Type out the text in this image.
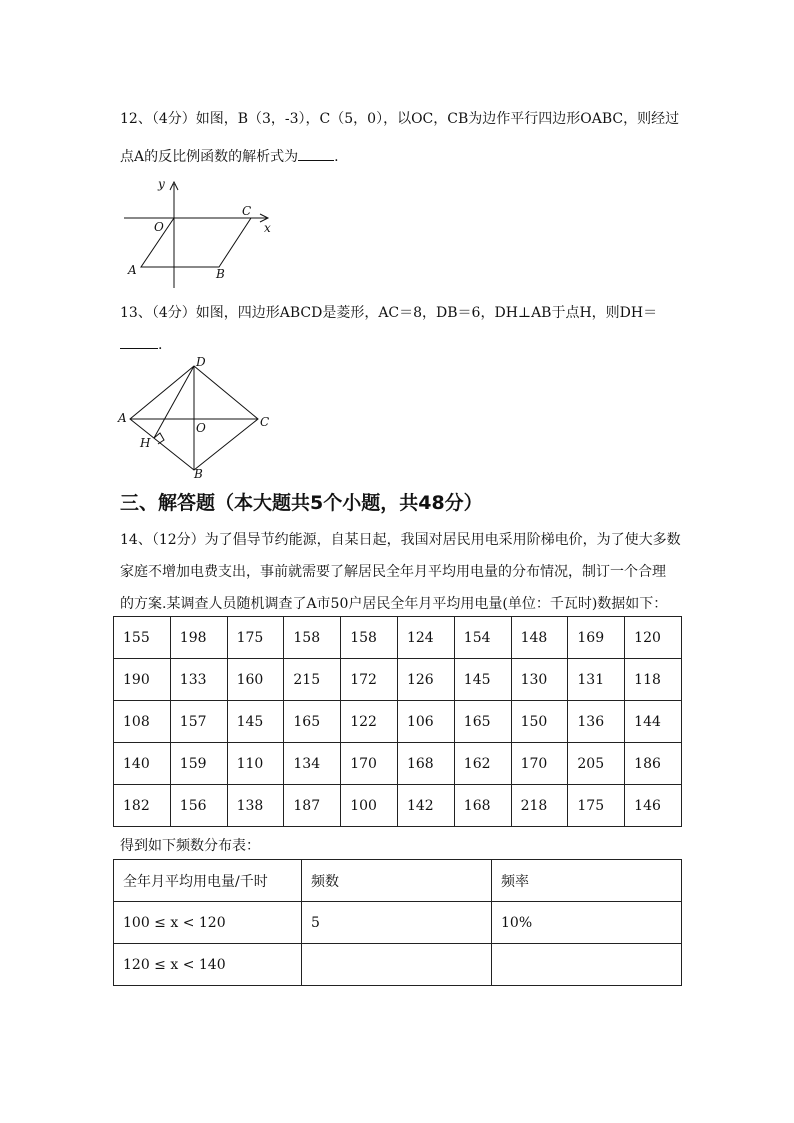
12、（4分）如图，B（3，-3），C（5，0），以OC，CB为边作平行四边形OABC，则经过
点A的反比例函数的解析式为	.
y
x
O
C
A	B
13、（4分）如图，四边形ABCD是菱形，AC＝8，DB＝6，DH⊥AB于点H，则DH＝
.
D
A
O	C
H
B
三、解答题（本大题共5个小题，共48分）
14、（12分）为了倡导节约能源，自某日起，我国对居民用电采用阶梯电价，为了使大多数
家庭不增加电费支出，事前就需要了解居民全年月平均用电量的分布情况，制订一个合理
的方案.某调查人员随机调查了A市50户居民全年月平均用电量(单位：千瓦时)数据如下：
155	198	175	158	158	124	154	148	169	120
190	133	160	215	172	126	145	130	131	118
108	157	145	165	122	106	165	150	136	144
140	159	110	134	170	168	162	170	205	186
182	156	138	187	100	142	168	218	175	146
得到如下频数分布表：
全年月平均用电量/千时	频数	频率
100 ≤ x < 120	5	10%
120 ≤ x < 140		
